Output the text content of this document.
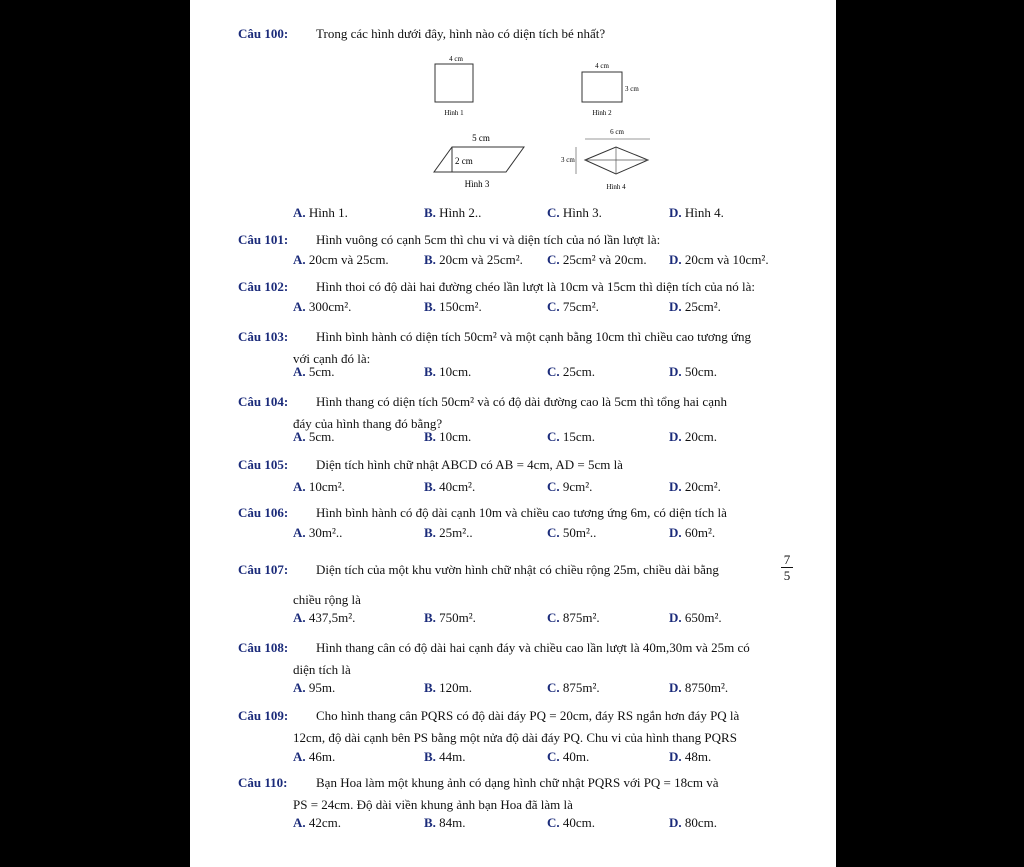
Câu 100: Trong các hình dưới đây, hình nào có diện tích bé nhất?
4 cm
Hình 1
4 cm
3 cm
Hình 2
5 cm
2 cm
Hình 3
6 cm
3 cm
Hình 4
A. Hình 1.	B. Hình 2..	C. Hình 3.	D. Hình 4.
Câu 101: Hình vuông có cạnh 5cm thì chu vi và diện tích của nó lần lượt là:
A. 20cm và 25cm.	B. 20cm và 25cm². C. 25cm² và 20cm. D. 20cm và 10cm².
Câu 102: Hình thoi có độ dài hai đường chéo lần lượt là 10cm và 15cm thì diện tích của nó là:
A. 300cm².	B. 150cm².	C. 75cm².	D. 25cm².
Câu 103: Hình bình hành có diện tích 50cm² và một cạnh bằng 10cm thì chiều cao tương ứng
với cạnh đó là:
A. 5cm.	B. 10cm.	C. 25cm.	D. 50cm.
Câu 104: Hình thang có diện tích 50cm² và có độ dài đường cao là 5cm thì tổng hai cạnh
đáy của hình thang đó bằng?
A. 5cm.	B. 10cm.	C. 15cm.	D. 20cm.
Câu 105: Diện tích hình chữ nhật ABCD có AB = 4cm, AD = 5cm là
A. 10cm².	B. 40cm².	C. 9cm².	D. 20cm².
Câu 106: Hình bình hành có độ dài cạnh 10m và chiều cao tương ứng 6m, có diện tích là
A. 30m²..	B. 25m²..	C. 50m²..	D. 60m².
Câu 107: Diện tích của một khu vườn hình chữ nhật có chiều rộng 25m, chiều dài bằng
chiều rộng là
$\frac{7}{5}$
A. 437,5m².	B. 750m².	C. 875m².	D. 650m².
Câu 108: Hình thang cân có độ dài hai cạnh đáy và chiều cao lần lượt là 40m,30m và 25m có
diện tích là
A. 95m.	B. 120m.	C. 875m².	D. 8750m².
Câu 109: Cho hình thang cân PQRS có độ dài đáy PQ = 20cm, đáy RS ngắn hơn đáy PQ là
12cm, độ dài cạnh bên PS bằng một nửa độ dài đáy PQ. Chu vi của hình thang PQRS
A. 46m.	B. 44m.	C. 40m.	D. 48m.
Câu 110: Bạn Hoa làm một khung ảnh có dạng hình chữ nhật PQRS với PQ = 18cm và
PS = 24cm. Độ dài viền khung ảnh bạn Hoa đã làm là
A. 42cm.	B. 84m.	C. 40cm.	D. 80cm.
